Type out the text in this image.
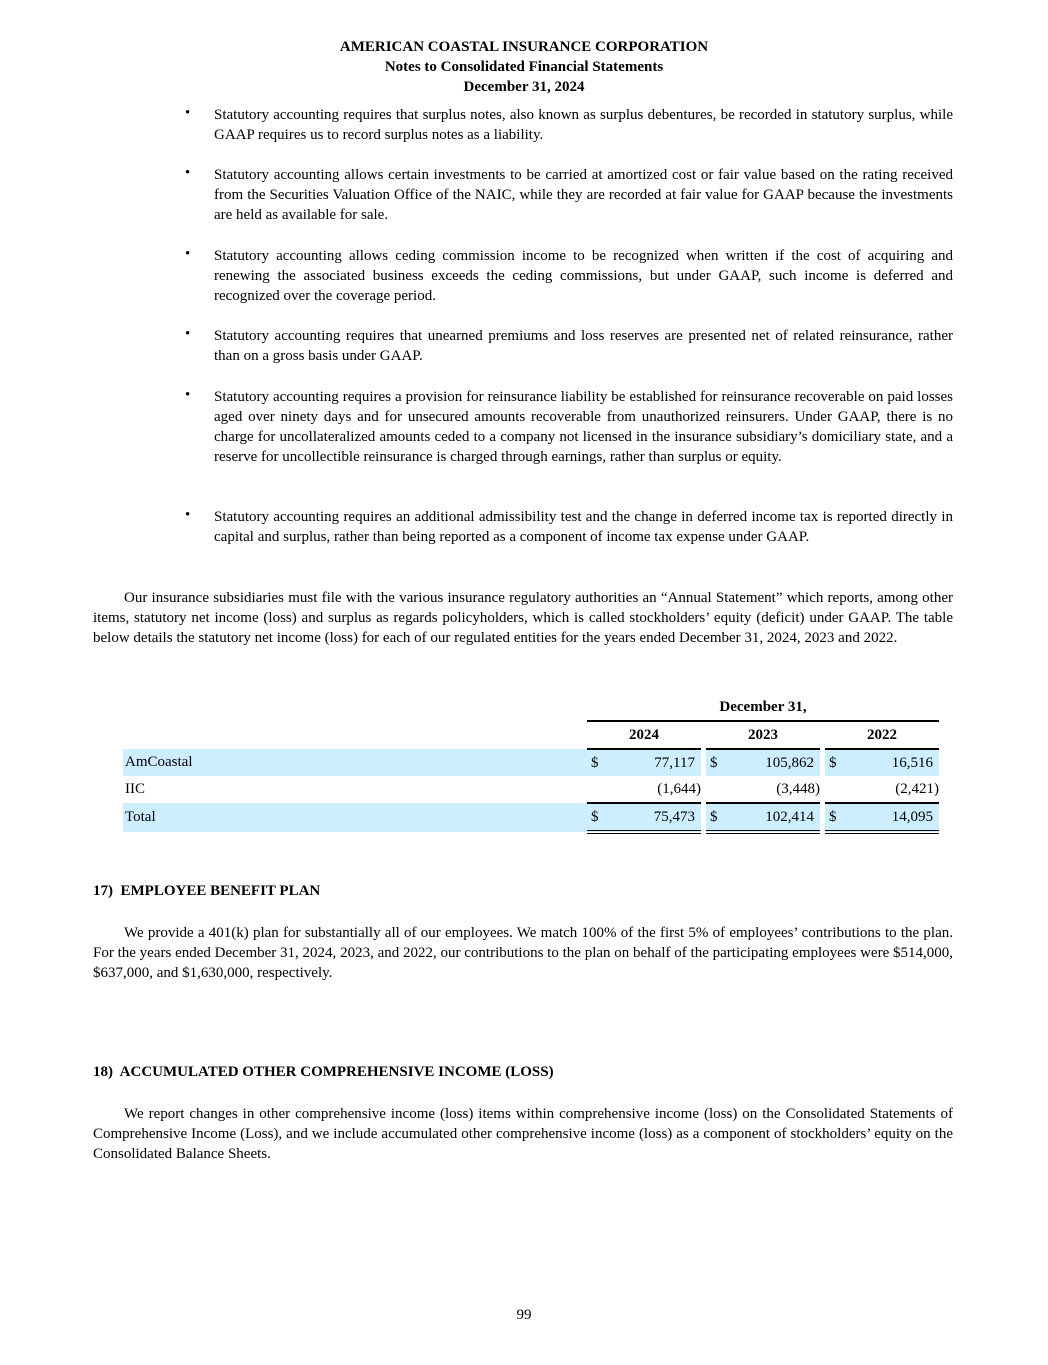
AMERICAN COASTAL INSURANCE CORPORATION
Notes to Consolidated Financial Statements
December 31, 2024
• Statutory accounting requires that surplus notes, also known as surplus debentures, be recorded in statutory surplus, while GAAP requires us to record surplus notes as a liability.
• Statutory accounting allows certain investments to be carried at amortized cost or fair value based on the rating received from the Securities Valuation Office of the NAIC, while they are recorded at fair value for GAAP because the investments are held as available for sale.
• Statutory accounting allows ceding commission income to be recognized when written if the cost of acquiring and renewing the associated business exceeds the ceding commissions, but under GAAP, such income is deferred and recognized over the coverage period.
• Statutory accounting requires that unearned premiums and loss reserves are presented net of related reinsurance, rather than on a gross basis under GAAP.
• Statutory accounting requires a provision for reinsurance liability be established for reinsurance recoverable on paid losses aged over ninety days and for unsecured amounts recoverable from unauthorized reinsurers. Under GAAP, there is no charge for uncollateralized amounts ceded to a company not licensed in the insurance subsidiary’s domiciliary state, and a reserve for uncollectible reinsurance is charged through earnings, rather than surplus or equity.
• Statutory accounting requires an additional admissibility test and the change in deferred income tax is reported directly in capital and surplus, rather than being reported as a component of income tax expense under GAAP.
Our insurance subsidiaries must file with the various insurance regulatory authorities an “Annual Statement” which reports, among other items, statutory net income (loss) and surplus as regards policyholders, which is called stockholders’ equity (deficit) under GAAP. The table below details the statutory net income (loss) for each of our regulated entities for the years ended December 31, 2024, 2023 and 2022.
	December 31,							
	2024			2023			2022	
AmCoastal	$	77,117		$	105,862		$	16,516
IIC		(1,644)			(3,448)			(2,421)
Total	$	75,473		$	102,414		$	14,095
17)  EMPLOYEE BENEFIT PLAN
We provide a 401(k) plan for substantially all of our employees. We match 100% of the first 5% of employees’ contributions to the plan. For the years ended December 31, 2024, 2023, and 2022, our contributions to the plan on behalf of the participating employees were $514,000, $637,000, and $1,630,000, respectively.
18)  ACCUMULATED OTHER COMPREHENSIVE INCOME (LOSS)
We report changes in other comprehensive income (loss) items within comprehensive income (loss) on the Consolidated Statements of Comprehensive Income (Loss), and we include accumulated other comprehensive income (loss) as a component of stockholders’ equity on the Consolidated Balance Sheets.
99
